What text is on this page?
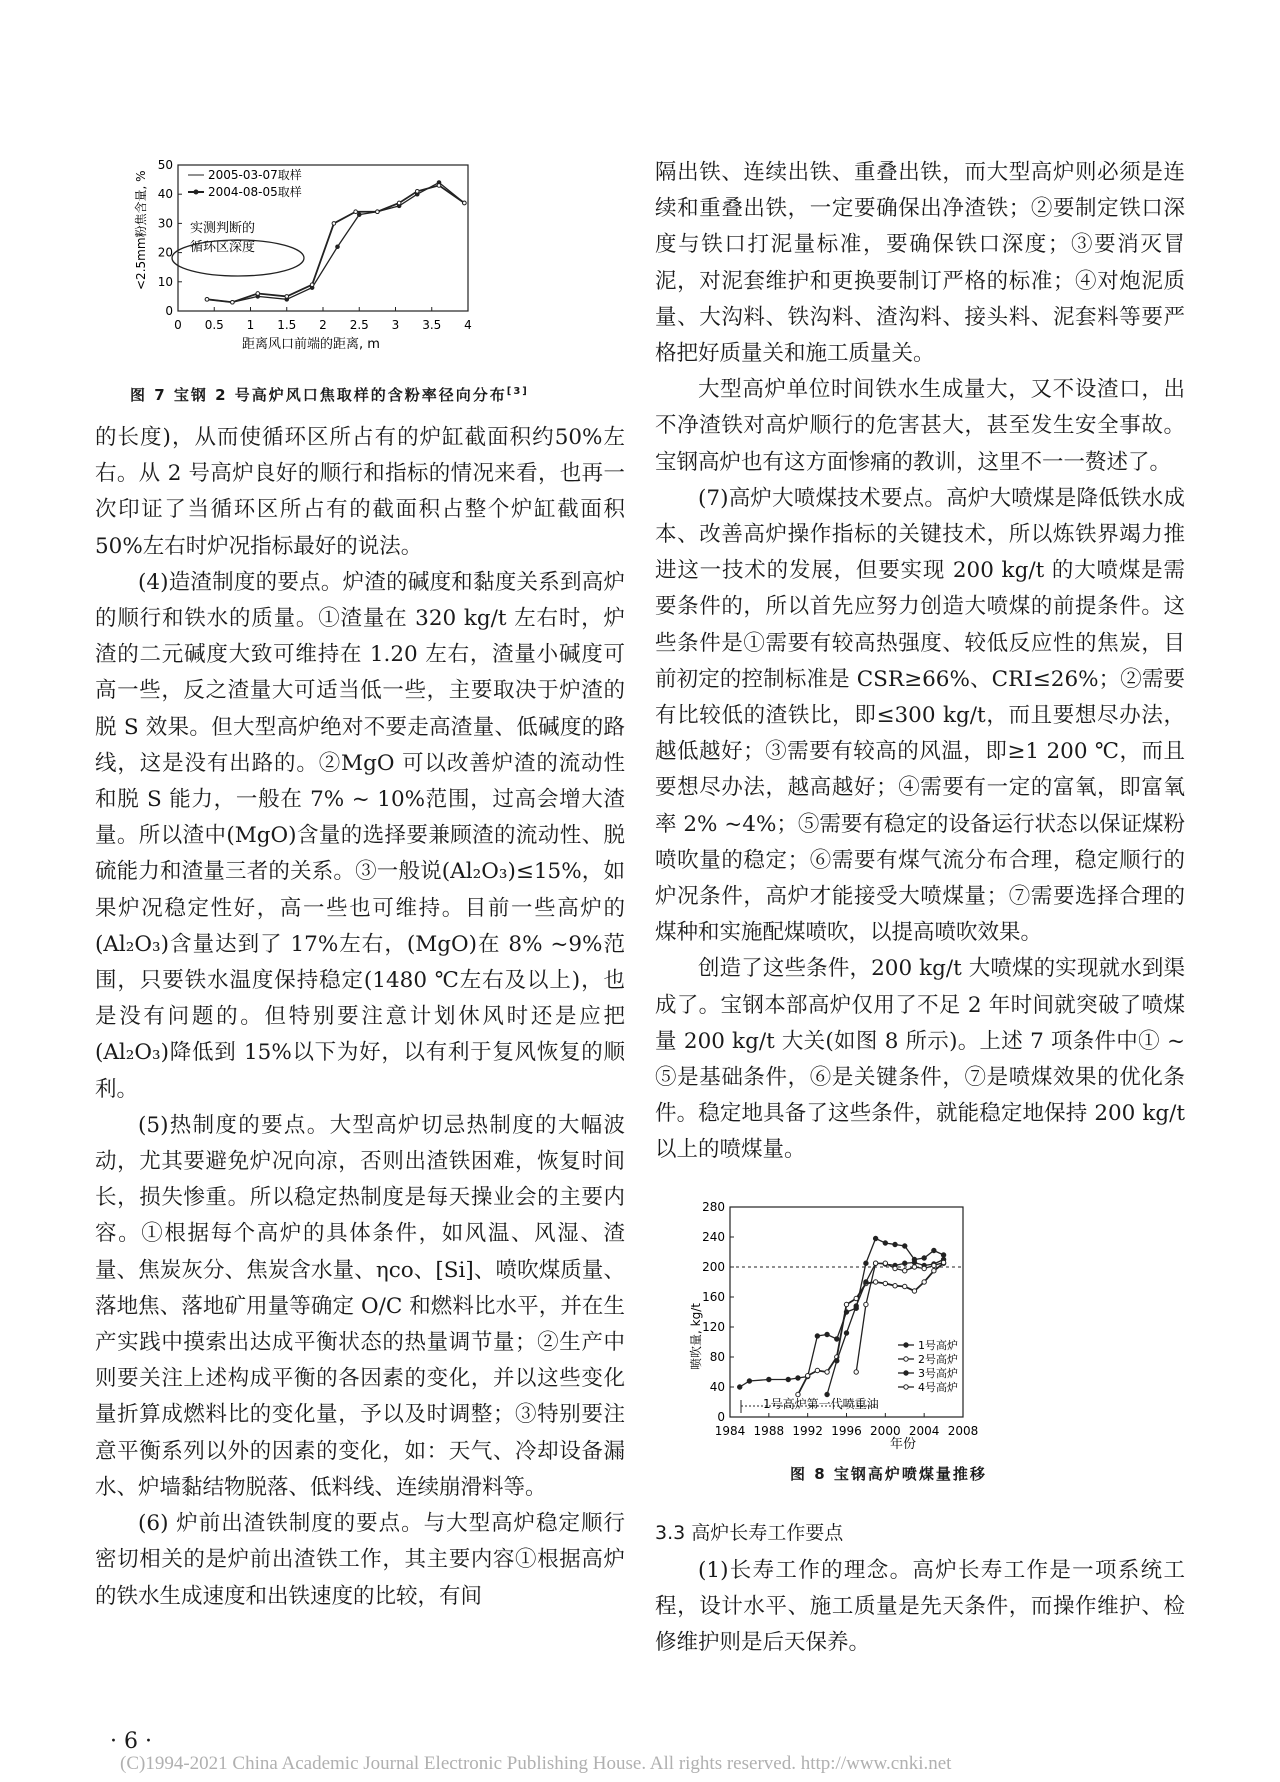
0 0.5 1 1.5 2 2.5 3 3.5 4
0
10
20
30
40
50
<2.5mm粉焦含量, %
距离风口前端的距离, m
实测判断的
循环区深度
2005-03-07取样
2004-08-05取样
图 7 宝钢 2 号高炉风口焦取样的含粉率径向分布[3]

的长度)，从而使循环区所占有的炉缸截面积约50%左右。从 2 号高炉良好的顺行和指标的情况来看，也再一次印证了当循环区所占有的截面积占整个炉缸截面积 50%左右时炉况指标最好的说法。

(4)造渣制度的要点。炉渣的碱度和黏度关系到高炉的顺行和铁水的质量。①渣量在 320 kg/t 左右时，炉渣的二元碱度大致可维持在 1.20 左右，渣量小碱度可高一些，反之渣量大可适当低一些，主要取决于炉渣的脱 S 效果。但大型高炉绝对不要走高渣量、低碱度的路线，这是没有出路的。②MgO 可以改善炉渣的流动性和脱 S 能力，一般在 7% ~ 10%范围，过高会增大渣量。所以渣中(MgO)含量的选择要兼顾渣的流动性、脱硫能力和渣量三者的关系。③一般说(Al₂O₃)≤15%，如果炉况稳定性好，高一些也可维持。目前一些高炉的(Al₂O₃)含量达到了 17%左右，(MgO)在 8% ~9%范围，只要铁水温度保持稳定(1480 ℃左右及以上)，也是没有问题的。但特别要注意计划休风时还是应把(Al₂O₃)降低到 15%以下为好，以有利于复风恢复的顺利。

(5)热制度的要点。大型高炉切忌热制度的大幅波动，尤其要避免炉况向凉，否则出渣铁困难，恢复时间长，损失惨重。所以稳定热制度是每天操业会的主要内容。①根据每个高炉的具体条件，如风温、风湿、渣量、焦炭灰分、焦炭含水量、ηco、[Si]、喷吹煤质量、落地焦、落地矿用量等确定 O/C 和燃料比水平，并在生产实践中摸索出达成平衡状态的热量调节量；②生产中则要关注上述构成平衡的各因素的变化，并以这些变化量折算成燃料比的变化量，予以及时调整；③特别要注意平衡系列以外的因素的变化，如：天气、冷却设备漏水、炉墙黏结物脱落、低料线、连续崩滑料等。

(6) 炉前出渣铁制度的要点。与大型高炉稳定顺行密切相关的是炉前出渣铁工作，其主要内容①根据高炉的铁水生成速度和出铁速度的比较，有间

隔出铁、连续出铁、重叠出铁，而大型高炉则必须是连续和重叠出铁，一定要确保出净渣铁；②要制定铁口深度与铁口打泥量标准，要确保铁口深度；③要消灭冒泥，对泥套维护和更换要制订严格的标准；④对炮泥质量、大沟料、铁沟料、渣沟料、接头料、泥套料等要严格把好质量关和施工质量关。

大型高炉单位时间铁水生成量大，又不设渣口，出不净渣铁对高炉顺行的危害甚大，甚至发生安全事故。宝钢高炉也有这方面惨痛的教训，这里不一一赘述了。

(7)高炉大喷煤技术要点。高炉大喷煤是降低铁水成本、改善高炉操作指标的关键技术，所以炼铁界竭力推进这一技术的发展，但要实现 200 kg/t 的大喷煤是需要条件的，所以首先应努力创造大喷煤的前提条件。这些条件是①需要有较高热强度、较低反应性的焦炭，目前初定的控制标准是 CSR≥66%、CRI≤26%；②需要有比较低的渣铁比，即≤300 kg/t，而且要想尽办法，越低越好；③需要有较高的风温，即≥1 200 ℃，而且要想尽办法，越高越好；④需要有一定的富氧，即富氧率 2% ~4%；⑤需要有稳定的设备运行状态以保证煤粉喷吹量的稳定；⑥需要有煤气流分布合理，稳定顺行的炉况条件，高炉才能接受大喷煤量；⑦需要选择合理的煤种和实施配煤喷吹，以提高喷吹效果。

创造了这些条件，200 kg/t 大喷煤的实现就水到渠成了。宝钢本部高炉仅用了不足 2 年时间就突破了喷煤量 200 kg/t 大关(如图 8 所示)。上述 7 项条件中① ~ ⑤是基础条件，⑥是关键条件，⑦是喷煤效果的优化条件。稳定地具备了这些条件，就能稳定地保持 200 kg/t 以上的喷煤量。

1984 1988 1992 1996 2000 2004 2008
0
40
80
120
160
200
240
280
喷吹量, kg/t
年份
1号高炉第一代喷重油
1号高炉
2号高炉
3号高炉
4号高炉
图 8 宝钢高炉喷煤量推移
3.3 高炉长寿工作要点

(1)长寿工作的理念。高炉长寿工作是一项系统工程，设计水平、施工质量是先天条件，而操作维护、检修维护则是后天保养。

· 6 ·
(C)1994-2021 China Academic Journal Electronic Publishing House. All rights reserved. http://www.cnki.net
